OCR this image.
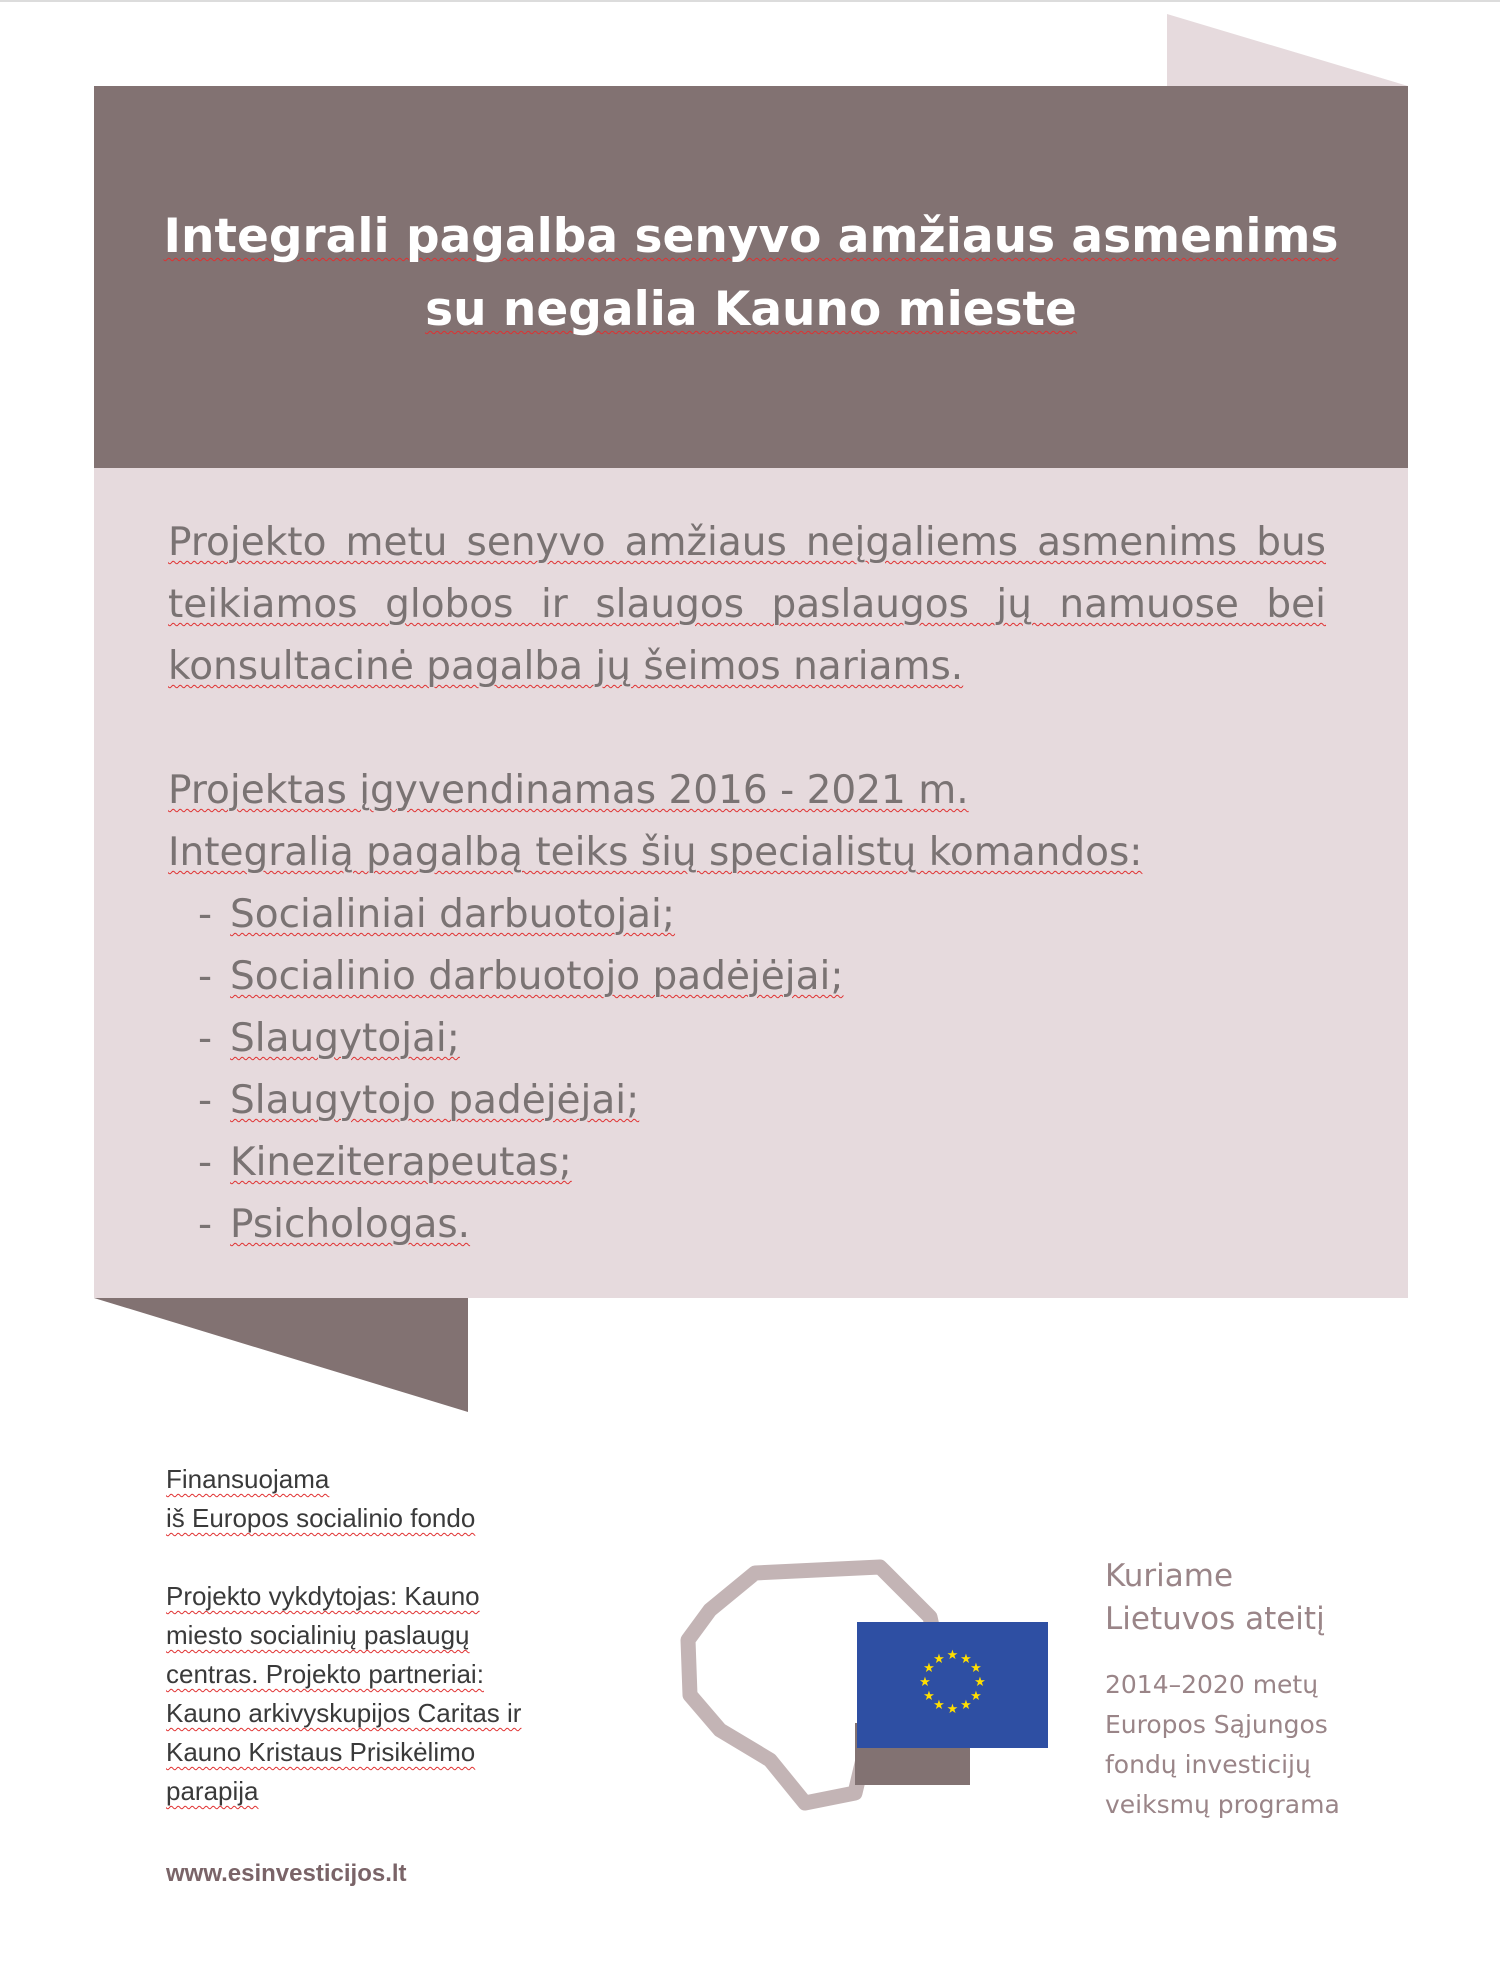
Integrali pagalba senyvo amžiaus asmenims
su negalia Kauno mieste

Projekto metu senyvo amžiaus neįgaliems asmenims bus teikiamos globos ir slaugos paslaugos jų namuose bei konsultacinė pagalba jų šeimos nariams.

Projektas įgyvendinamas 2016 - 2021 m.
Integralią pagalbą teiks šių specialistų komandos:
- Socialiniai darbuotojai;
- Socialinio darbuotojo padėjėjai;
- Slaugytojai;
- Slaugytojo padėjėjai;
- Kineziterapeutas;
- Psichologas.

Finansuojama

iš Europos socialinio fondo

Projekto vykdytojas: Kauno

miesto socialinių paslaugų

centras. Projekto partneriai:

Kauno arkivyskupijos Caritas ir

Kauno Kristaus Prisikėlimo

parapija

www.esinvesticijos.lt
★ ★
★
★
★
★
★
★
★
★
★
★
Kuriame
Lietuvos ateitį
2014–2020 metų
Europos Sąjungos
fondų investicijų
veiksmų programa
